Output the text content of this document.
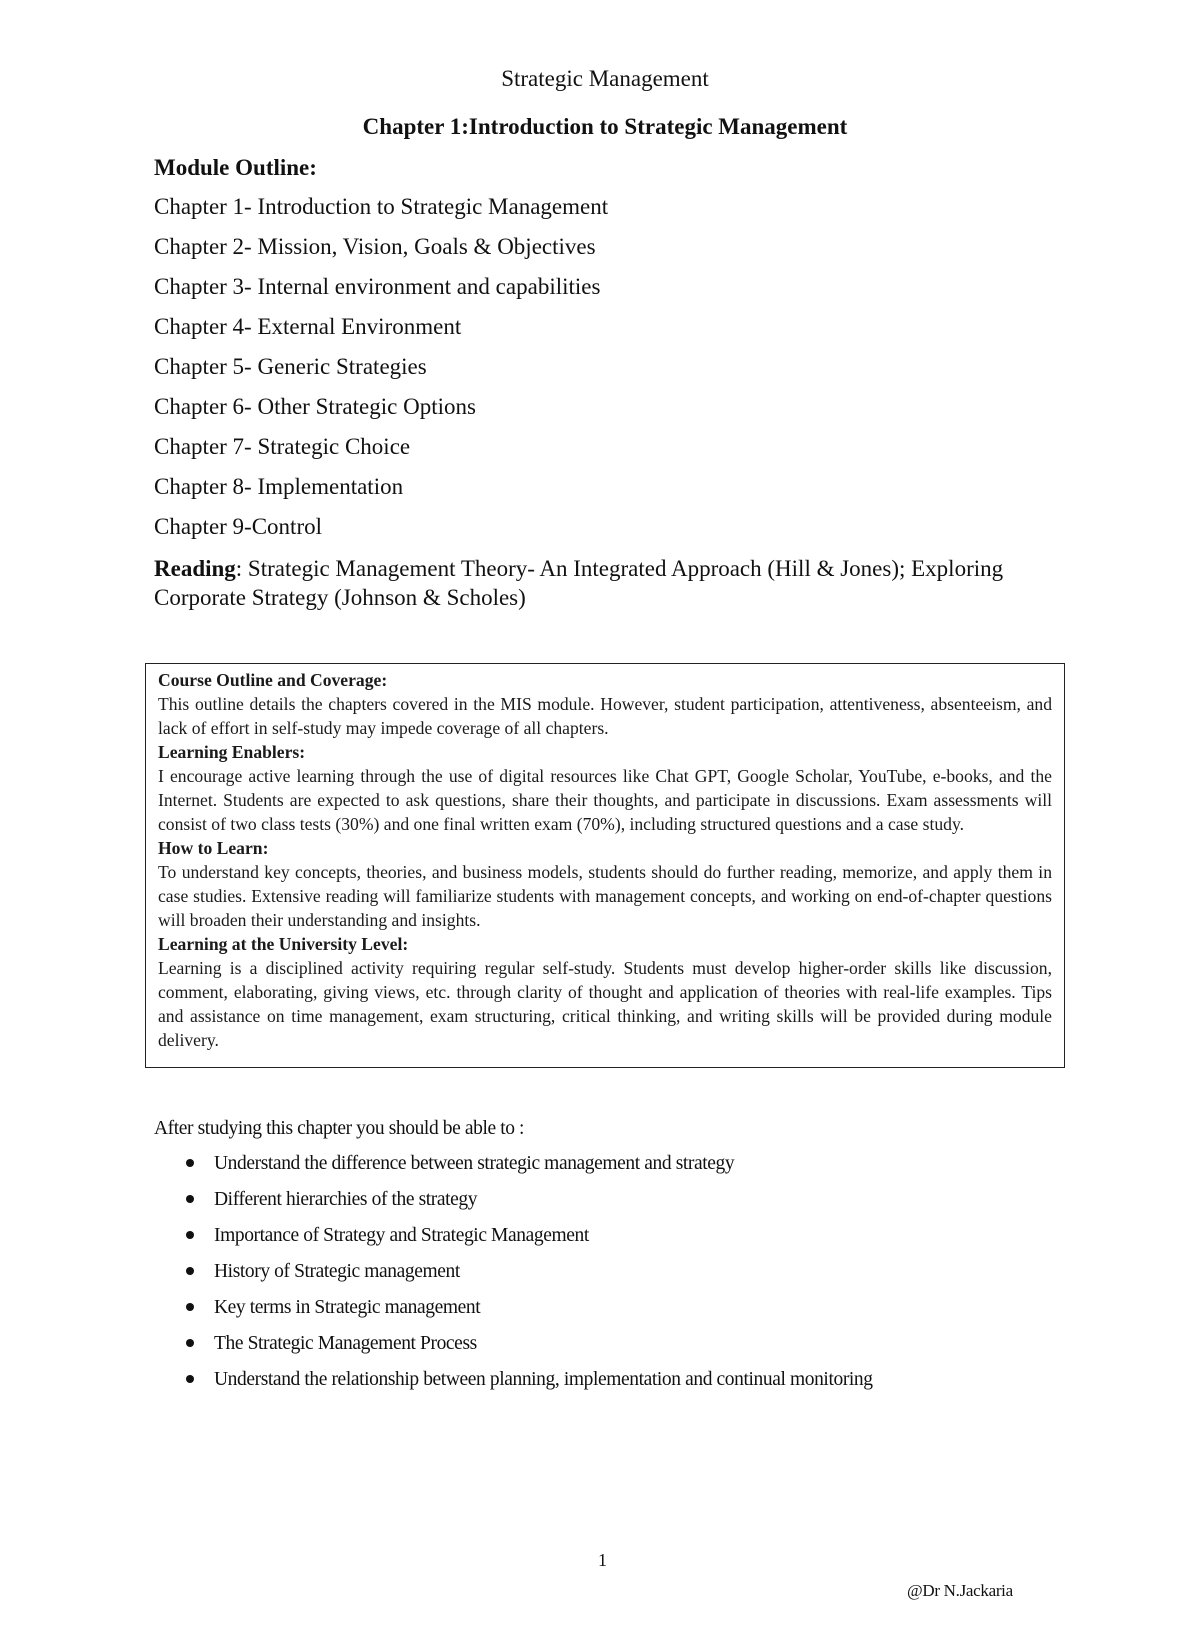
Strategic Management
Chapter 1:Introduction to Strategic Management
Module Outline:
Chapter 1- Introduction to Strategic Management
Chapter 2- Mission, Vision, Goals & Objectives
Chapter 3- Internal environment and capabilities
Chapter 4- External Environment
Chapter 5- Generic Strategies
Chapter 6- Other Strategic Options
Chapter 7- Strategic Choice
Chapter 8- Implementation
Chapter 9-Control
Reading: Strategic Management Theory- An Integrated Approach (Hill & Jones); Exploring Corporate Strategy (Johnson & Scholes)
Course Outline and Coverage:

This outline details the chapters covered in the MIS module. However, student participation, attentiveness, absenteeism, and lack of effort in self-study may impede coverage of all chapters.

Learning Enablers:

I encourage active learning through the use of digital resources like Chat GPT, Google Scholar, YouTube, e-books, and the Internet. Students are expected to ask questions, share their thoughts, and participate in discussions. Exam assessments will consist of two class tests (30%) and one final written exam (70%), including structured questions and a case study.

How to Learn:

To understand key concepts, theories, and business models, students should do further reading, memorize, and apply them in case studies. Extensive reading will familiarize students with management concepts, and working on end-of-chapter questions will broaden their understanding and insights.

Learning at the University Level:

Learning is a disciplined activity requiring regular self-study. Students must develop higher-order skills like discussion, comment, elaborating, giving views, etc. through clarity of thought and application of theories with real-life examples. Tips and assistance on time management, exam structuring, critical thinking, and writing skills will be provided during module delivery.

After studying this chapter you should be able to :
Understand the difference between strategic management and strategy
Different hierarchies of the strategy
Importance of Strategy and Strategic Management
History of Strategic management
Key terms in Strategic management
The Strategic Management Process
Understand the relationship between planning, implementation and continual monitoring
1
@Dr N.Jackaria
